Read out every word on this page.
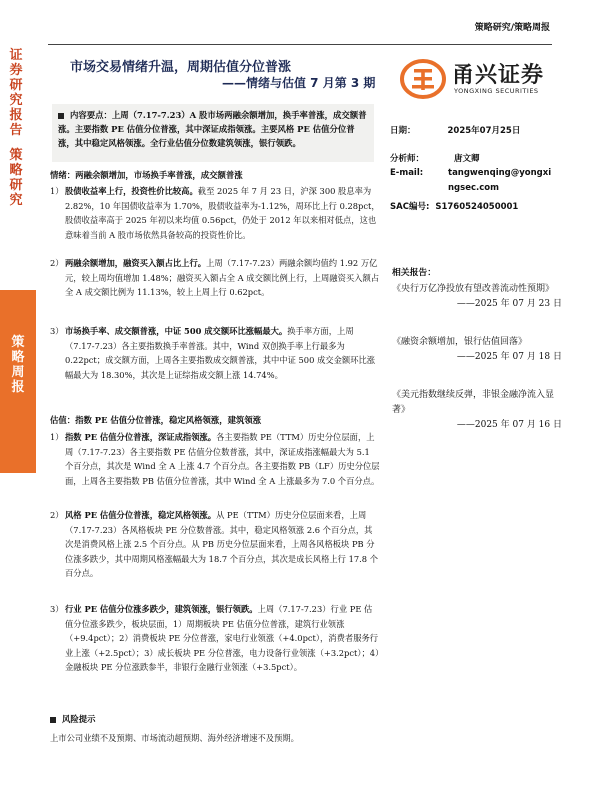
策略研究/策略周报
证券研究报告
策略研究
策略周报
市场交易情绪升温，周期估值分位普涨
——情绪与估值 7 月第 3 期	甬兴证券
YONGXING SECURITIES
内容要点：上周（7.17-7.23）A 股市场两融余额增加，换手率普涨，成交额普涨。主要指数 PE 估值分位普涨，其中深证成指领涨。主要风格 PE 估值分位普涨，其中稳定风格领涨。全行业估值分位数建筑领涨，银行领跌。
情绪：两融余额增加，市场换手率普涨，成交额普涨
1） 股债收益率上行，投资性价比较高。截至 2025 年 7 月 23 日，沪深 300 股息率为 2.82%，10 年国债收益率为 1.70%，股债收益率为-1.12%，周环比上行 0.28pct，股债收益率高于 2025 年初以来均值 0.56pct，仍处于 2012 年以来相对低点，这也意味着当前 A 股市场依然具备较高的投资性价比。
2） 两融余额增加，融资买入额占比上行。上周（7.17-7.23）两融余额均值约 1.92 万亿元，较上周均值增加 1.48%；融资买入额占全 A 成交额比例上行，上周融资买入额占全 A 成交额比例为 11.13%，较上上周上行 0.62pct。
3） 市场换手率、成交额普涨，中证 500 成交额环比涨幅最大。换手率方面，上周（7.17-7.23）各主要指数换手率普涨。其中，Wind 双创换手率上行最多为 0.22pct；成交额方面，上周各主要指数成交额普涨，其中中证 500 成交金额环比涨幅最大为 18.30%，其次是上证综指成交额上涨 14.74%。
估值：指数 PE 估值分位普涨，稳定风格领涨，建筑领涨
1） 指数 PE 估值分位普涨，深证成指领涨。各主要指数 PE（TTM）历史分位层面，上周（7.17-7.23）各主要指数 PE 估值分位数普涨，其中，深证成指涨幅最大为 5.1 个百分点，其次是 Wind 全 A 上涨 4.7 个百分点。各主要指数 PB（LF）历史分位层面，上周各主要指数 PB 估值分位普涨，其中 Wind 全 A 上涨最多为 7.0 个百分点。
2） 风格 PE 估值分位普涨，稳定风格领涨。从 PE（TTM）历史分位层面来看，上周（7.17-7.23）各风格板块 PE 分位数普涨。其中，稳定风格领涨 2.6 个百分点，其次是消费风格上涨 2.5 个百分点。从 PB 历史分位层面来看，上周各风格板块 PB 分位涨多跌少，其中周期风格涨幅最大为 18.7 个百分点，其次是成长风格上行 17.8 个百分点。
3） 行业 PE 估值分位涨多跌少，建筑领涨，银行领跌。上周（7.17-7.23）行业 PE 估值分位涨多跌少，板块层面，1）周期板块 PE 估值分位普涨，建筑行业领涨（+9.4pct）；2）消费板块 PE 分位普涨，家电行业领涨（+4.0pct），消费者服务行业上涨（+2.5pct）；3）成长板块 PE 分位普涨，电力设备行业领涨（+3.2pct）；4）金融板块 PE 分位涨跌参半，非银行金融行业领涨（+3.5pct）。
风险提示
上市公司业绩不及预期、市场流动超预期、海外经济增速不及预期。
日期：	2025年07月25日
分析师：	唐文卿
E-mail:	tangwenqing@yongxi
ngsec.com
SAC编号: S1760524050001
相关报告：
《央行万亿净投放有望改善流动性预期》
——2025 年 07 月 23 日
《融资余额增加，银行估值回落》
——2025 年 07 月 18 日
《美元指数继续反弹，非银金融净流入显著》
——2025 年 07 月 16 日
